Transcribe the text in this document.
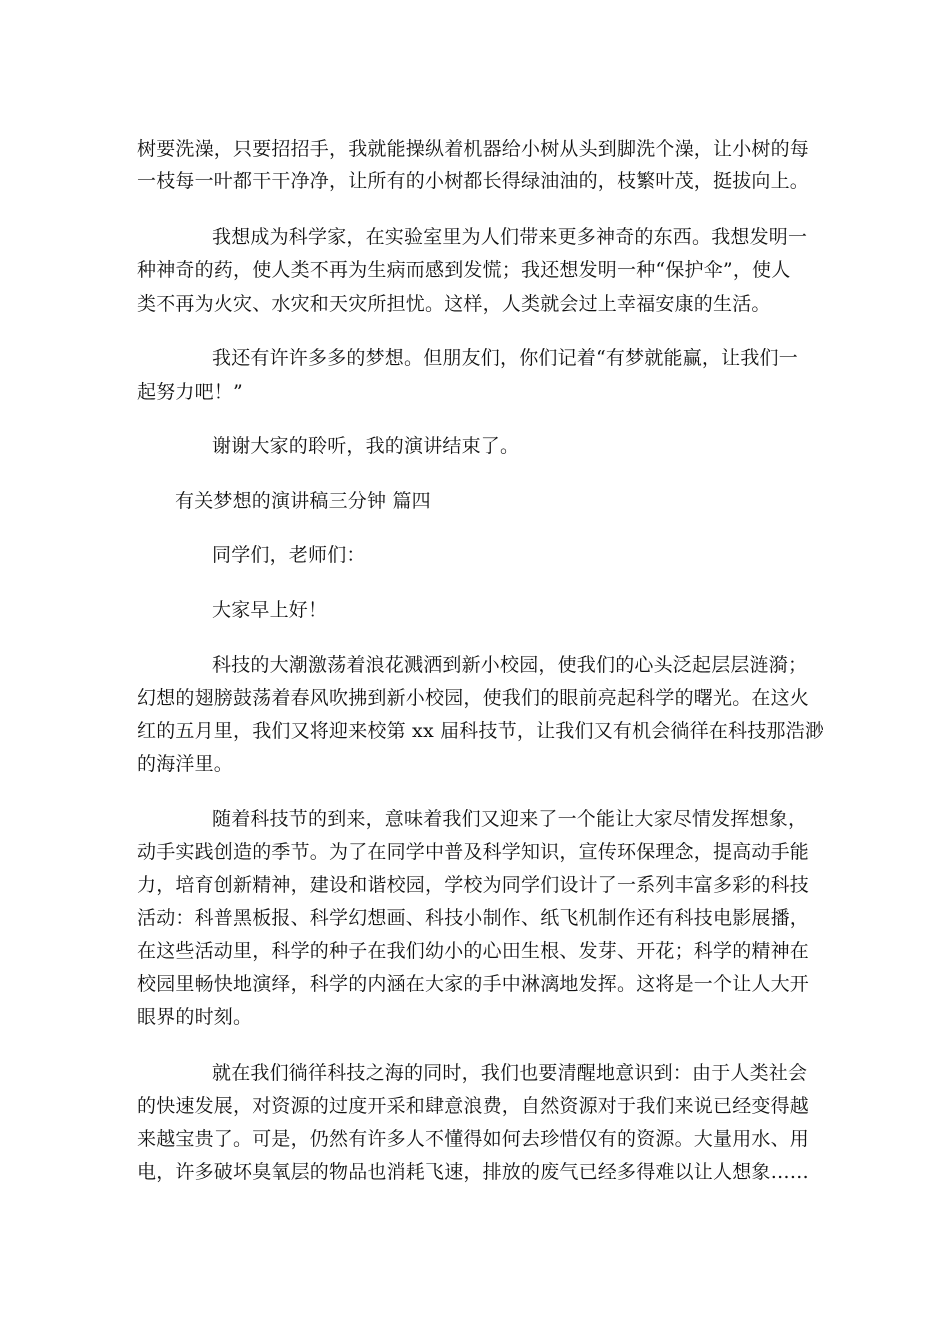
树要洗澡，只要招招手，我就能操纵着机器给小树从头到脚洗个澡，让小树的每
一枝每一叶都干干净净，让所有的小树都长得绿油油的，枝繁叶茂，挺拔向上。
我想成为科学家，在实验室里为人们带来更多神奇的东西。我想发明一
种神奇的药，使人类不再为生病而感到发慌；我还想发明一种“保护伞”，使人
类不再为火灾、水灾和天灾所担忧。这样，人类就会过上幸福安康的生活。
我还有许许多多的梦想。但朋友们，你们记着“有梦就能赢，让我们一
起努力吧！”
谢谢大家的聆听，我的演讲结束了。
有关梦想的演讲稿三分钟 篇四
同学们，老师们：
大家早上好！
科技的大潮激荡着浪花溅洒到新小校园，使我们的心头泛起层层涟漪；
幻想的翅膀鼓荡着春风吹拂到新小校园，使我们的眼前亮起科学的曙光。在这火
红的五月里，我们又将迎来校第 xx 届科技节，让我们又有机会徜徉在科技那浩渺
的海洋里。
随着科技节的到来，意味着我们又迎来了一个能让大家尽情发挥想象，
动手实践创造的季节。为了在同学中普及科学知识，宣传环保理念，提高动手能
力，培育创新精神，建设和谐校园，学校为同学们设计了一系列丰富多彩的科技
活动：科普黑板报、科学幻想画、科技小制作、纸飞机制作还有科技电影展播，
在这些活动里，科学的种子在我们幼小的心田生根、发芽、开花；科学的精神在
校园里畅快地演绎，科学的内涵在大家的手中淋漓地发挥。这将是一个让人大开
眼界的时刻。
就在我们徜徉科技之海的同时，我们也要清醒地意识到：由于人类社会
的快速发展，对资源的过度开采和肆意浪费，自然资源对于我们来说已经变得越
来越宝贵了。可是，仍然有许多人不懂得如何去珍惜仅有的资源。大量用水、用
电，许多破坏臭氧层的物品也消耗飞速，排放的废气已经多得难以让人想象……
